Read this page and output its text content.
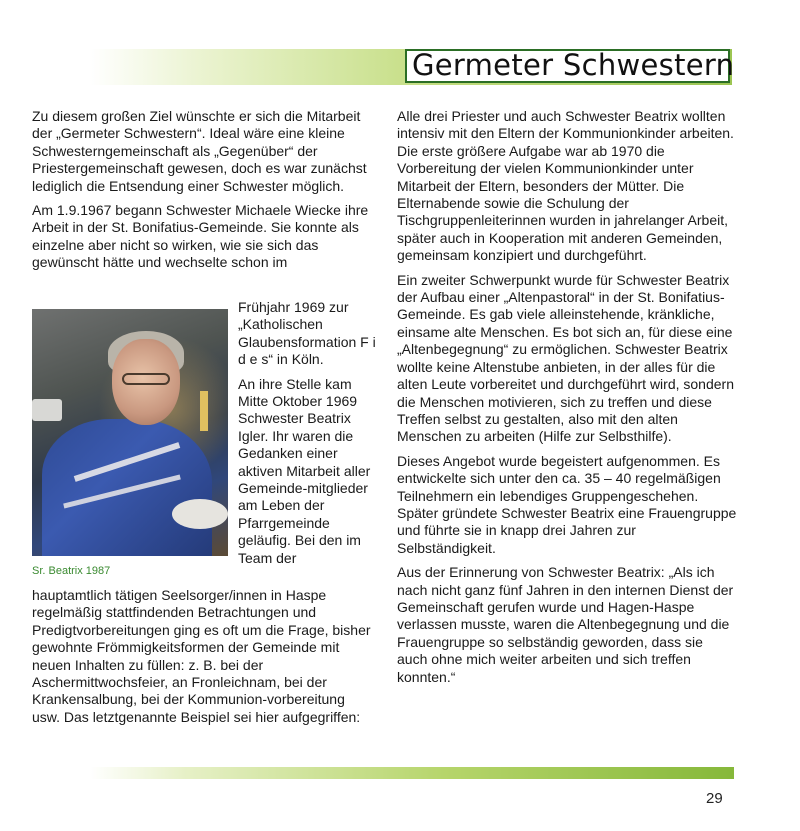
Germeter Schwestern

Zu diesem großen Ziel wünschte er sich die Mitarbeit der „Germeter Schwestern“. Ideal wäre eine kleine Schwesterngemeinschaft als „Gegenüber“ der Priestergemeinschaft gewesen, doch es war zunächst lediglich die Entsendung einer Schwester möglich.

Am 1.9.1967 begann Schwester Michaele Wiecke ihre Arbeit in der St. Bonifatius-Gemeinde. Sie konnte als einzelne aber nicht so wirken, wie sie sich das gewünscht hätte und wechselte schon im

Sr. Beatrix 1987

Frühjahr 1969 zur „Katholischen Glaubensformation F i d e s“ in Köln.

An ihre Stelle kam Mitte Oktober 1969 Schwester Beatrix Igler. Ihr waren die Gedanken einer aktiven Mitarbeit aller Gemeinde-mitglieder am Leben der Pfarrgemeinde geläufig. Bei den im Team der

hauptamtlich tätigen Seelsorger/innen in Haspe regelmäßig stattfindenden Betrachtungen und Predigtvorbereitungen ging es oft um die Frage, bisher gewohnte Frömmigkeitsformen der Gemeinde mit neuen Inhalten zu füllen: z. B. bei der Aschermittwochsfeier, an Fronleichnam, bei der Krankensalbung, bei der Kommunion-vorbereitung usw. Das letztgenannte Beispiel sei hier aufgegriffen:

Alle drei Priester und auch Schwester Beatrix wollten intensiv mit den Eltern der Kommunionkinder arbeiten. Die erste größere Aufgabe war ab 1970 die Vorbereitung der vielen Kommunionkinder unter Mitarbeit der Eltern, besonders der Mütter. Die Elternabende sowie die Schulung der Tischgruppenleiterinnen wurden in jahrelanger Arbeit, später auch in Kooperation mit anderen Gemeinden, gemeinsam konzipiert und durchgeführt.

Ein zweiter Schwerpunkt wurde für Schwester Beatrix der Aufbau einer „Altenpastoral“ in der St. Bonifatius-Gemeinde. Es gab viele alleinstehende, kränkliche, einsame alte Menschen. Es bot sich an, für diese eine „Altenbegegnung“ zu ermöglichen. Schwester Beatrix wollte keine Altenstube anbieten, in der alles für die alten Leute vorbereitet und durchgeführt wird, sondern die Menschen motivieren, sich zu treffen und diese Treffen selbst zu gestalten, also mit den alten Menschen zu arbeiten (Hilfe zur Selbsthilfe).

Dieses Angebot wurde begeistert aufgenommen. Es entwickelte sich unter den ca. 35 – 40 regelmäßigen Teilnehmern ein lebendiges Gruppengeschehen. Später gründete Schwester Beatrix eine Frauengruppe und führte sie in knapp drei Jahren zur Selbständigkeit.

Aus der Erinnerung von Schwester Beatrix: „Als ich nach nicht ganz fünf Jahren in den internen Dienst der Gemeinschaft gerufen wurde und Hagen-Haspe verlassen musste, waren die Altenbegegnung und die Frauengruppe so selbständig geworden, dass sie auch ohne mich weiter arbeiten und sich treffen konnten.“

29
